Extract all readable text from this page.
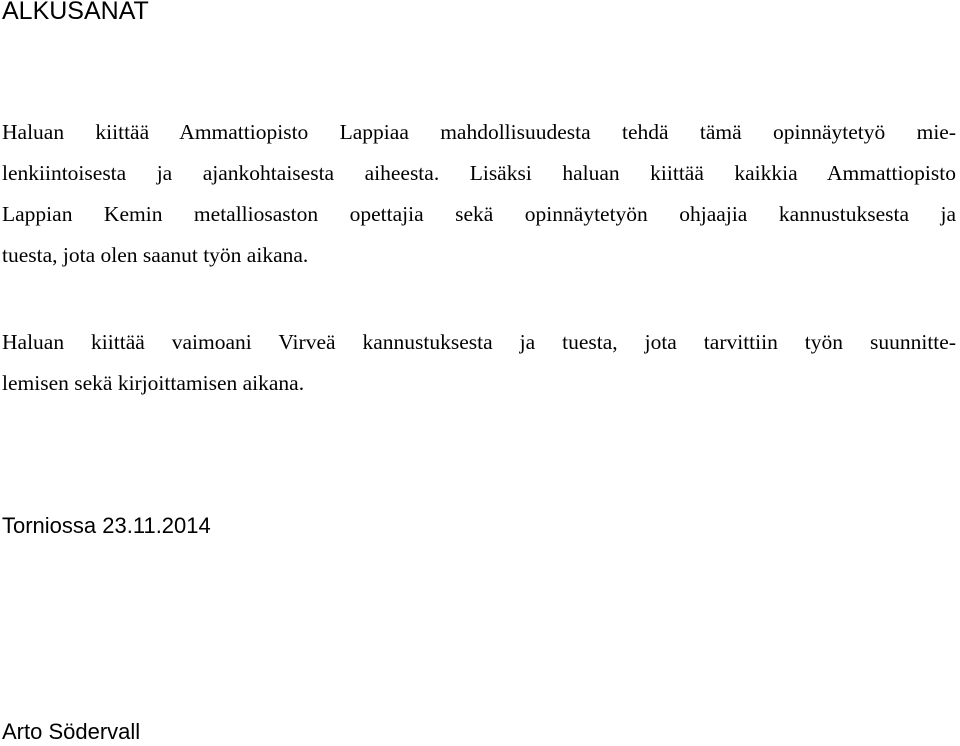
ALKUSANAT

Haluan kiittää Ammattiopisto Lappiaa mahdollisuudesta tehdä tämä opinnäytetyö mie-
lenkiintoisesta ja ajankohtaisesta aiheesta. Lisäksi haluan kiittää kaikkia Ammattiopisto
Lappian Kemin metalliosaston opettajia sekä opinnäytetyön ohjaajia kannustuksesta ja
tuesta, jota olen saanut työn aikana.

Haluan kiittää vaimoani Virveä kannustuksesta ja tuesta, jota tarvittiin työn suunnitte-
lemisen sekä kirjoittamisen aikana.

Torniossa 23.11.2014

Arto Södervall
